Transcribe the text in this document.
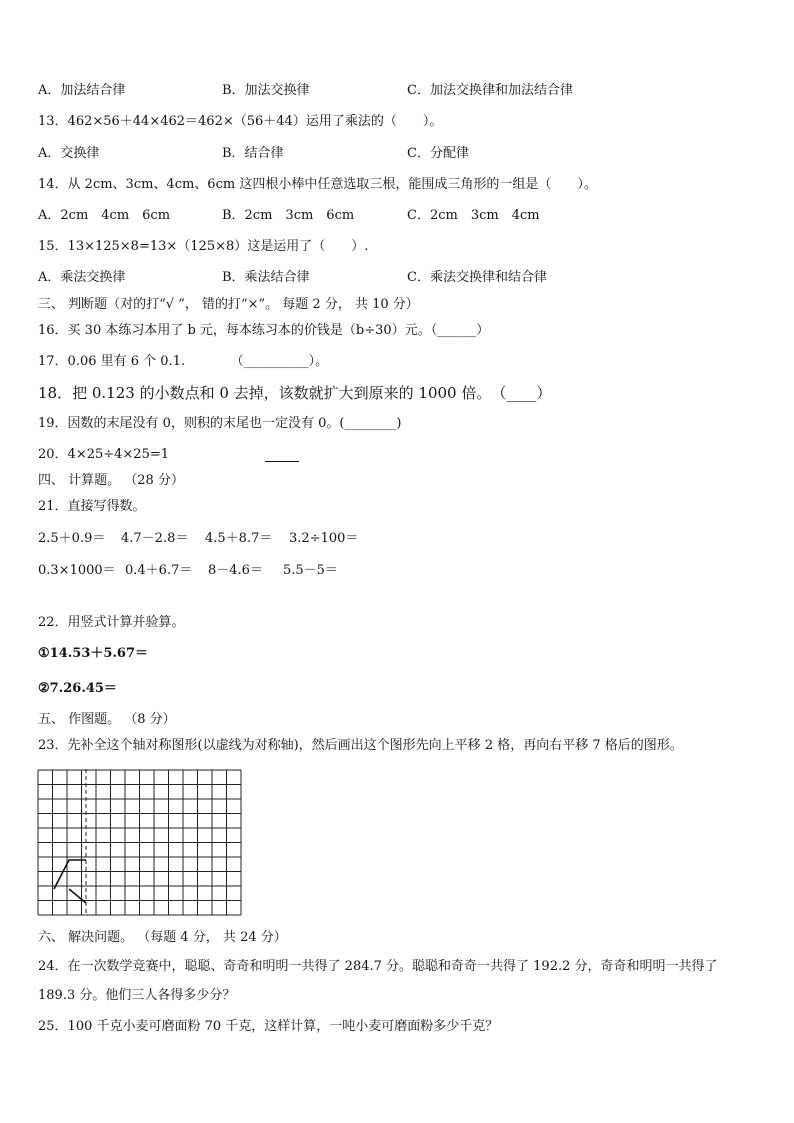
A．加法结合律	B．加法交换律	C．加法交换律和加法结合律
13．462×56＋44×462＝462×（56＋44）运用了乘法的（　　）。
A．交换律	B．结合律	C．分配律
14．从 2cm、3cm、4cm、6cm 这四根小棒中任意选取三根，能围成三角形的一组是（　　）。
A．2cm　4cm　6cm	B．2cm　3cm　6cm	C．2cm　3cm　4cm
15．13×125×8=13×（125×8）这是运用了（　　）.
A．乘法交换律	B．乘法结合律	C．乘法交换律和结合律
三、 判断题（对的打“√ ”， 错的打“×”。 每题 2 分， 共 10 分）
16．买 30 本练习本用了 b 元，每本练习本的价钱是（b÷30）元。（______）
17．0.06 里有 6 个 0.1.　　　　（__________）。
18．把 0.123 的小数点和 0 去掉，该数就扩大到原来的 1000 倍。　（____）
19．因数的末尾没有 0，则积的末尾也一定没有 0。(________)
20．4×25÷4×25=1
四、 计算题。 （28 分）
21．直接写得数。
2.5＋0.9＝ 4.7－2.8＝ 4.5＋8.7＝ 3.2÷100＝
0.3×1000＝ 0.4＋6.7＝ 8－4.6＝ 5.5－5＝
22．用竖式计算并验算。
①14.53＋5.67＝
②7.26.45＝
五、 作图题。 （8 分）
23．先补全这个轴对称图形(以虚线为对称轴)，然后画出这个图形先向上平移 2 格，再向右平移 7 格后的图形。
六、 解决问题。 （每题 4 分， 共 24 分）
24．在一次数学竞赛中，聪聪、奇奇和明明一共得了 284.7 分。聪聪和奇奇一共得了 192.2 分，奇奇和明明一共得了
189.3 分。他们三人各得多少分？
25．100 千克小麦可磨面粉 70 千克，这样计算，一吨小麦可磨面粉多少千克？
